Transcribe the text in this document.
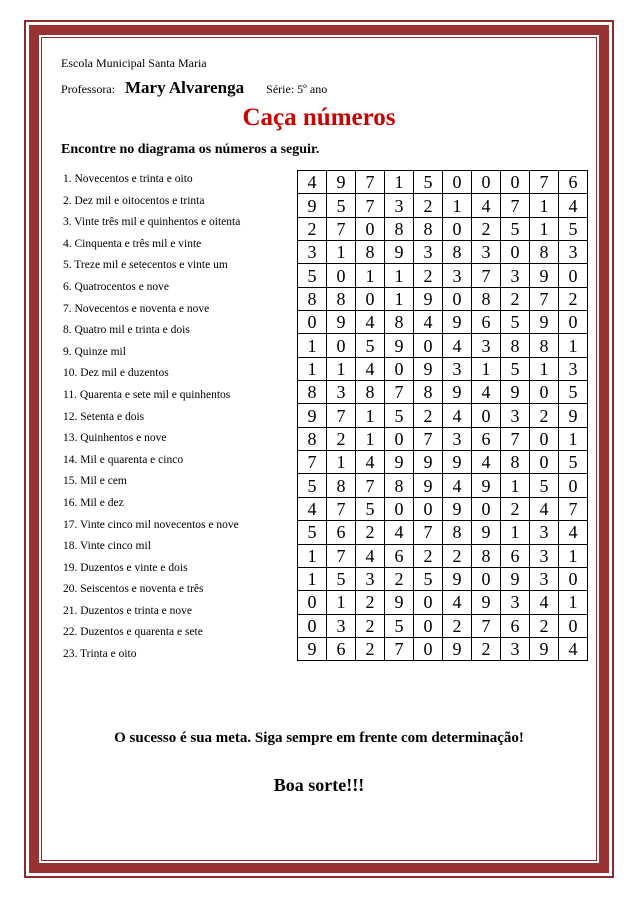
Escola Municipal Santa Maria
Professora: Mary Alvarenga Série: 5º ano
Caça números
Encontre no diagrama os números a seguir.
1. Novecentos e trinta e oito
2. Dez mil e oitocentos e trinta
3. Vinte três mil e quinhentos e oitenta
4. Cinquenta e três mil e vinte
5. Treze mil e setecentos e vinte um
6. Quatrocentos e nove
7. Novecentos e noventa e nove
8. Quatro mil e trinta e dois
9. Quinze mil
10. Dez mil e duzentos
11. Quarenta e sete mil e quinhentos
12. Setenta e dois
13. Quinhentos e nove
14. Mil e quarenta e cinco
15. Mil e cem
16. Mil e dez
17. Vinte cinco mil novecentos e nove
18. Vinte cinco mil
19. Duzentos e vinte e dois
20. Seiscentos e noventa e três
21. Duzentos e trinta e nove
22. Duzentos e quarenta e sete
23. Trinta e oito
4	9	7	1	5	0	0	0	7	6
9	5	7	3	2	1	4	7	1	4
2	7	0	8	8	0	2	5	1	5
3	1	8	9	3	8	3	0	8	3
5	0	1	1	2	3	7	3	9	0
8	8	0	1	9	0	8	2	7	2
0	9	4	8	4	9	6	5	9	0
1	0	5	9	0	4	3	8	8	1
1	1	4	0	9	3	1	5	1	3
8	3	8	7	8	9	4	9	0	5
9	7	1	5	2	4	0	3	2	9
8	2	1	0	7	3	6	7	0	1
7	1	4	9	9	9	4	8	0	5
5	8	7	8	9	4	9	1	5	0
4	7	5	0	0	9	0	2	4	7
5	6	2	4	7	8	9	1	3	4
1	7	4	6	2	2	8	6	3	1
1	5	3	2	5	9	0	9	3	0
0	1	2	9	0	4	9	3	4	1
0	3	2	5	0	2	7	6	2	0
9	6	2	7	0	9	2	3	9	4
O sucesso é sua meta. Siga sempre em frente com determinação!
Boa sorte!!!
